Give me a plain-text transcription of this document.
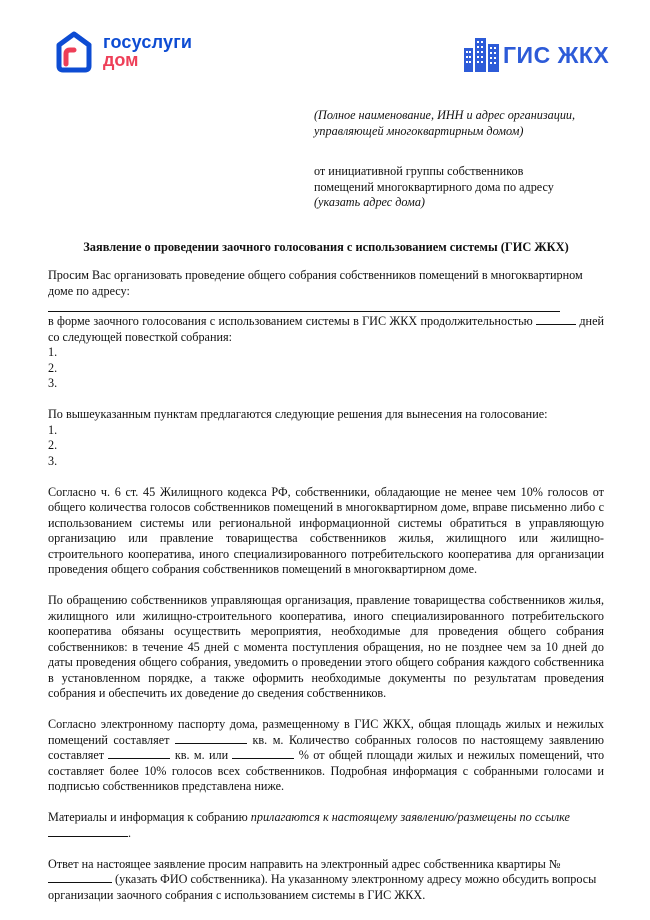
госуслуги
дом	ГИС ЖКХ
(Полное наименование, ИНН и адрес организации,
управляющей многоквартирным домом)
от инициативной группы собственников
помещений многоквартирного дома по адресу
(указать адрес дома)
Заявление о проведении заочного голосования с использованием системы (ГИС ЖКХ)

Просим Вас организовать проведение общего собрания собственников помещений в многоквартирном доме по адресу:

в форме заочного голосования с использованием системы в ГИС ЖКХ продолжительностью	дней со следующей повесткой собрания:

1.
2.
3.

По вышеуказанным пунктам предлагаются следующие решения для вынесения на голосование:

1.
2.
3.

Согласно ч. 6 ст. 45 Жилищного кодекса РФ, собственники, обладающие не менее чем 10% голосов от общего количества голосов собственников помещений в многоквартирном доме, вправе письменно либо с использованием системы или региональной информационной системы обратиться в управляющую организацию или правление товарищества собственников жилья, жилищного или жилищно-строительного кооператива, иного специализированного потребительского кооператива для организации проведения общего собрания собственников помещений в многоквартирном доме.

По обращению собственников управляющая организация, правление товарищества собственников жилья, жилищного или жилищно-строительного кооператива, иного специализированного потребительского кооператива обязаны осуществить мероприятия, необходимые для проведения общего собрания собственников: в течение 45 дней с момента поступления обращения, но не позднее чем за 10 дней до даты проведения общего собрания, уведомить о проведении этого общего собрания каждого собственника в установленном порядке, а также оформить необходимые документы по результатам проведения собрания и обеспечить их доведение до сведения собственников.

Согласно электронному паспорту дома, размещенному в ГИС ЖКХ, общая площадь жилых и нежилых помещений составляет	кв. м. Количество собранных голосов по настоящему заявлению составляет	кв. м. или	% от общей площади жилых и нежилых помещений, что составляет более 10% голосов всех собственников. Подробная информация с собранными голосами и подписью собственников представлена ниже.

Материалы и информация к собранию прилагаются к настоящему заявлению/размещены по ссылке.

Ответ на настоящее заявление просим направить на электронный адрес собственника квартиры №  (указать ФИО собственника). На указанному электронному адресу можно обсудить вопросы организации заочного собрания с использованием системы в ГИС ЖКХ.
